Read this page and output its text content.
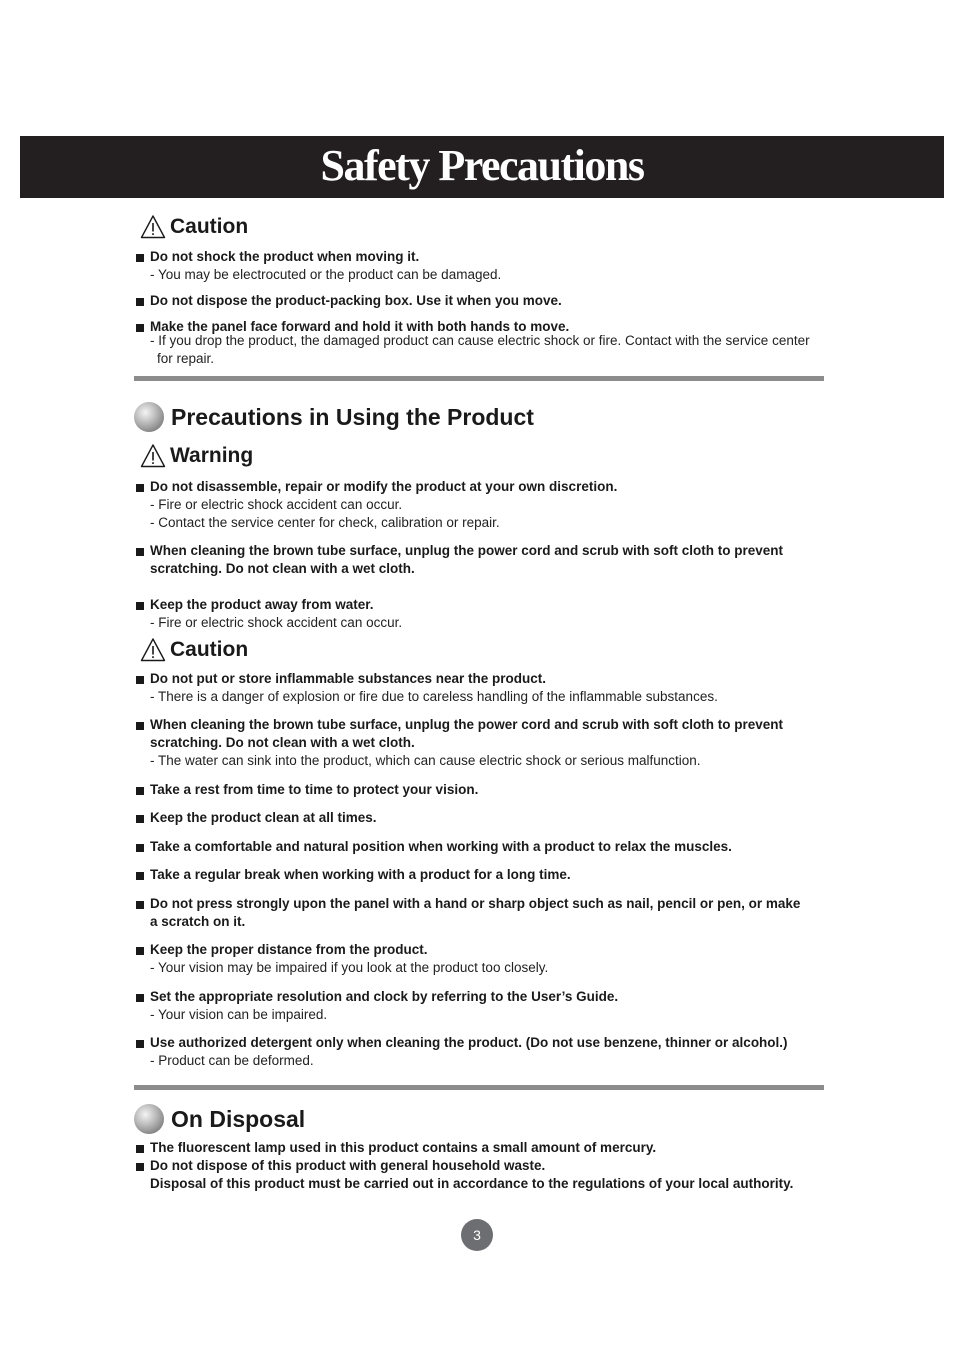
Safety Precautions
Caution
Do not shock the product when moving it.
- You may be electrocuted or the product can be damaged.
Do not dispose the product-packing box. Use it when you move.
Make the panel face forward and hold it with both hands to move.
- If you drop the product, the damaged product can cause electric shock or fire. Contact with the service center
for repair.
Precautions in Using the Product
Warning
Do not disassemble, repair or modify the product at your own discretion.
- Fire or electric shock accident can occur.
- Contact the service center for check, calibration or repair.
When cleaning the brown tube surface, unplug the power cord and scrub with soft cloth to prevent
scratching. Do not clean with a wet cloth.
Keep the product away from water.
- Fire or electric shock accident can occur.
Caution
Do not put or store inflammable substances near the product.
- There is a danger of explosion or fire due to careless handling of the inflammable substances.
When cleaning the brown tube surface, unplug the power cord and scrub with soft cloth to prevent
scratching. Do not clean with a wet cloth.
- The water can sink into the product, which can cause electric shock or serious malfunction.
Take a rest from time to time to protect your vision.
Keep the product clean at all times.
Take a comfortable and natural position when working with a product to relax the muscles.
Take a regular break when working with a product for a long time.
Do not press strongly upon the panel with a hand or sharp object such as nail, pencil or pen, or make
a scratch on it.
Keep the proper distance from the product.
- Your vision may be impaired if you look at the product too closely.
Set the appropriate resolution and clock by referring to the User’s Guide.
- Your vision can be impaired.
Use authorized detergent only when cleaning the product. (Do not use benzene, thinner or alcohol.)
- Product can be deformed.
On Disposal
The fluorescent lamp used in this product contains a small amount of mercury.
Do not dispose of this product with general household waste.
Disposal of this product must be carried out in accordance to the regulations of your local authority.
3
